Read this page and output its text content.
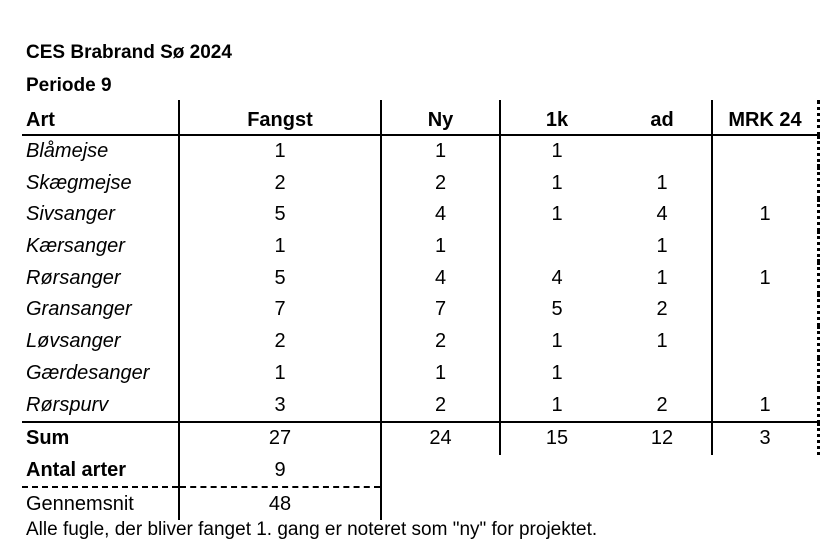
CES Brabrand Sø 2024
Periode 9
Art	Fangst	Ny	1k	ad	MRK 24
Blåmejse	1	1	1		
Skægmejse	2	2	1	1	
Sivsanger	5	4	1	4	1
Kærsanger	1	1		1	
Rørsanger	5	4	4	1	1
Gransanger	7	7	5	2	
Løvsanger	2	2	1	1	
Gærdesanger	1	1	1		
Rørspurv	3	2	1	2	1
Sum	27	24	15	12	3
Antal arter	9				
Gennemsnit	48				
Alle fugle, der bliver fanget 1. gang er noteret som "ny" for projektet.
